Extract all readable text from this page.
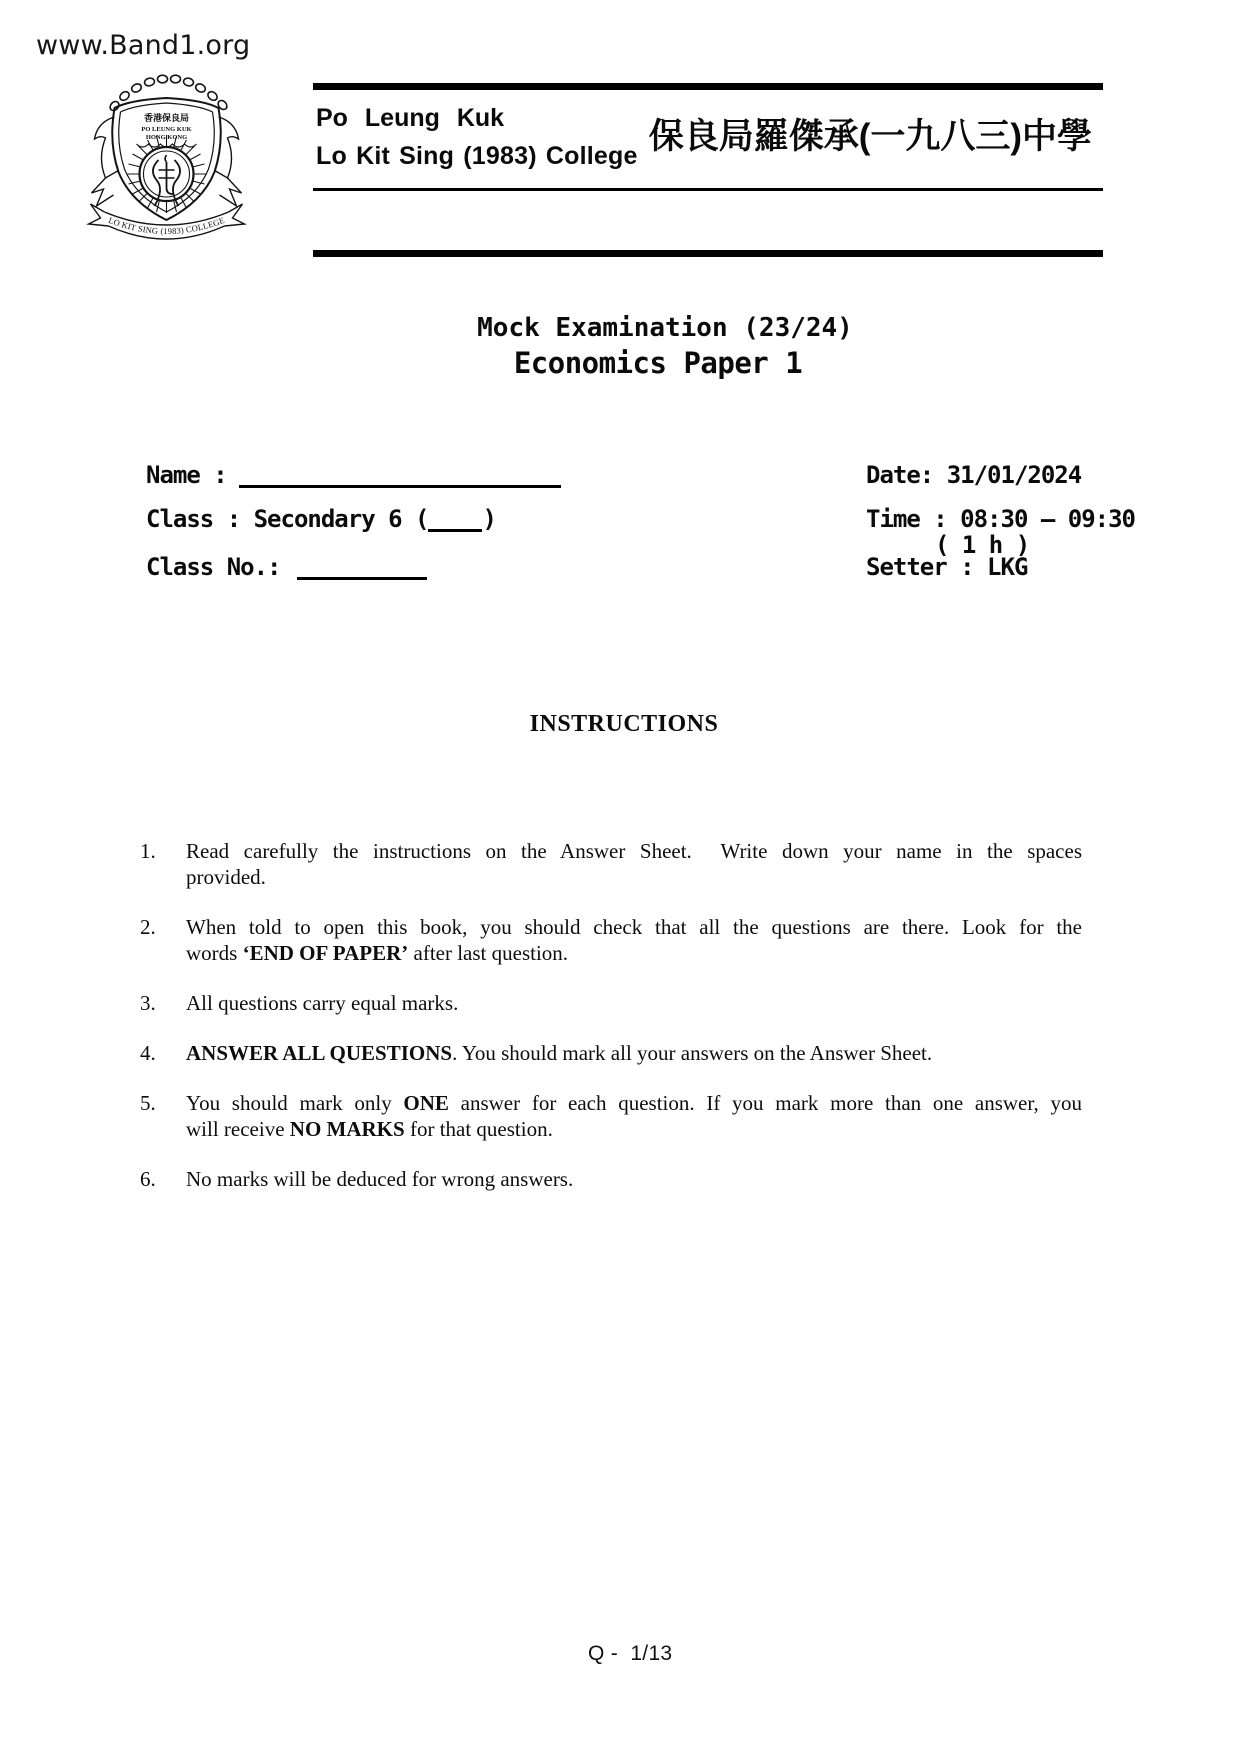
www.Band1.org
香港保良局
PO LEUNG KUK
HONG KONG
LO KIT SING (1983) COLLEGE
Po Leung Kuk
Lo Kit Sing (1983) College 保良局羅傑承(一九八三)中學
Mock Examination (23/24)
Economics Paper 1
Name :
Class : Secondary 6 ( )
Class No.:
Date: 31/01/2024
Time : 08:30 – 09:30
( 1 h )
Setter : LKG
INSTRUCTIONS
1. Read carefully the instructions on the Answer Sheet.  Write down your name in the spaces
provided.
2. When told to open this book, you should check that all the questions are there. Look for the
words ‘END OF PAPER’ after last question.
3. All questions carry equal marks.
4. ANSWER ALL QUESTIONS. You should mark all your answers on the Answer Sheet.
5. You should mark only ONE answer for each question. If you mark more than one answer, you
will receive NO MARKS for that question.
6. No marks will be deduced for wrong answers.
Q -  1/13
